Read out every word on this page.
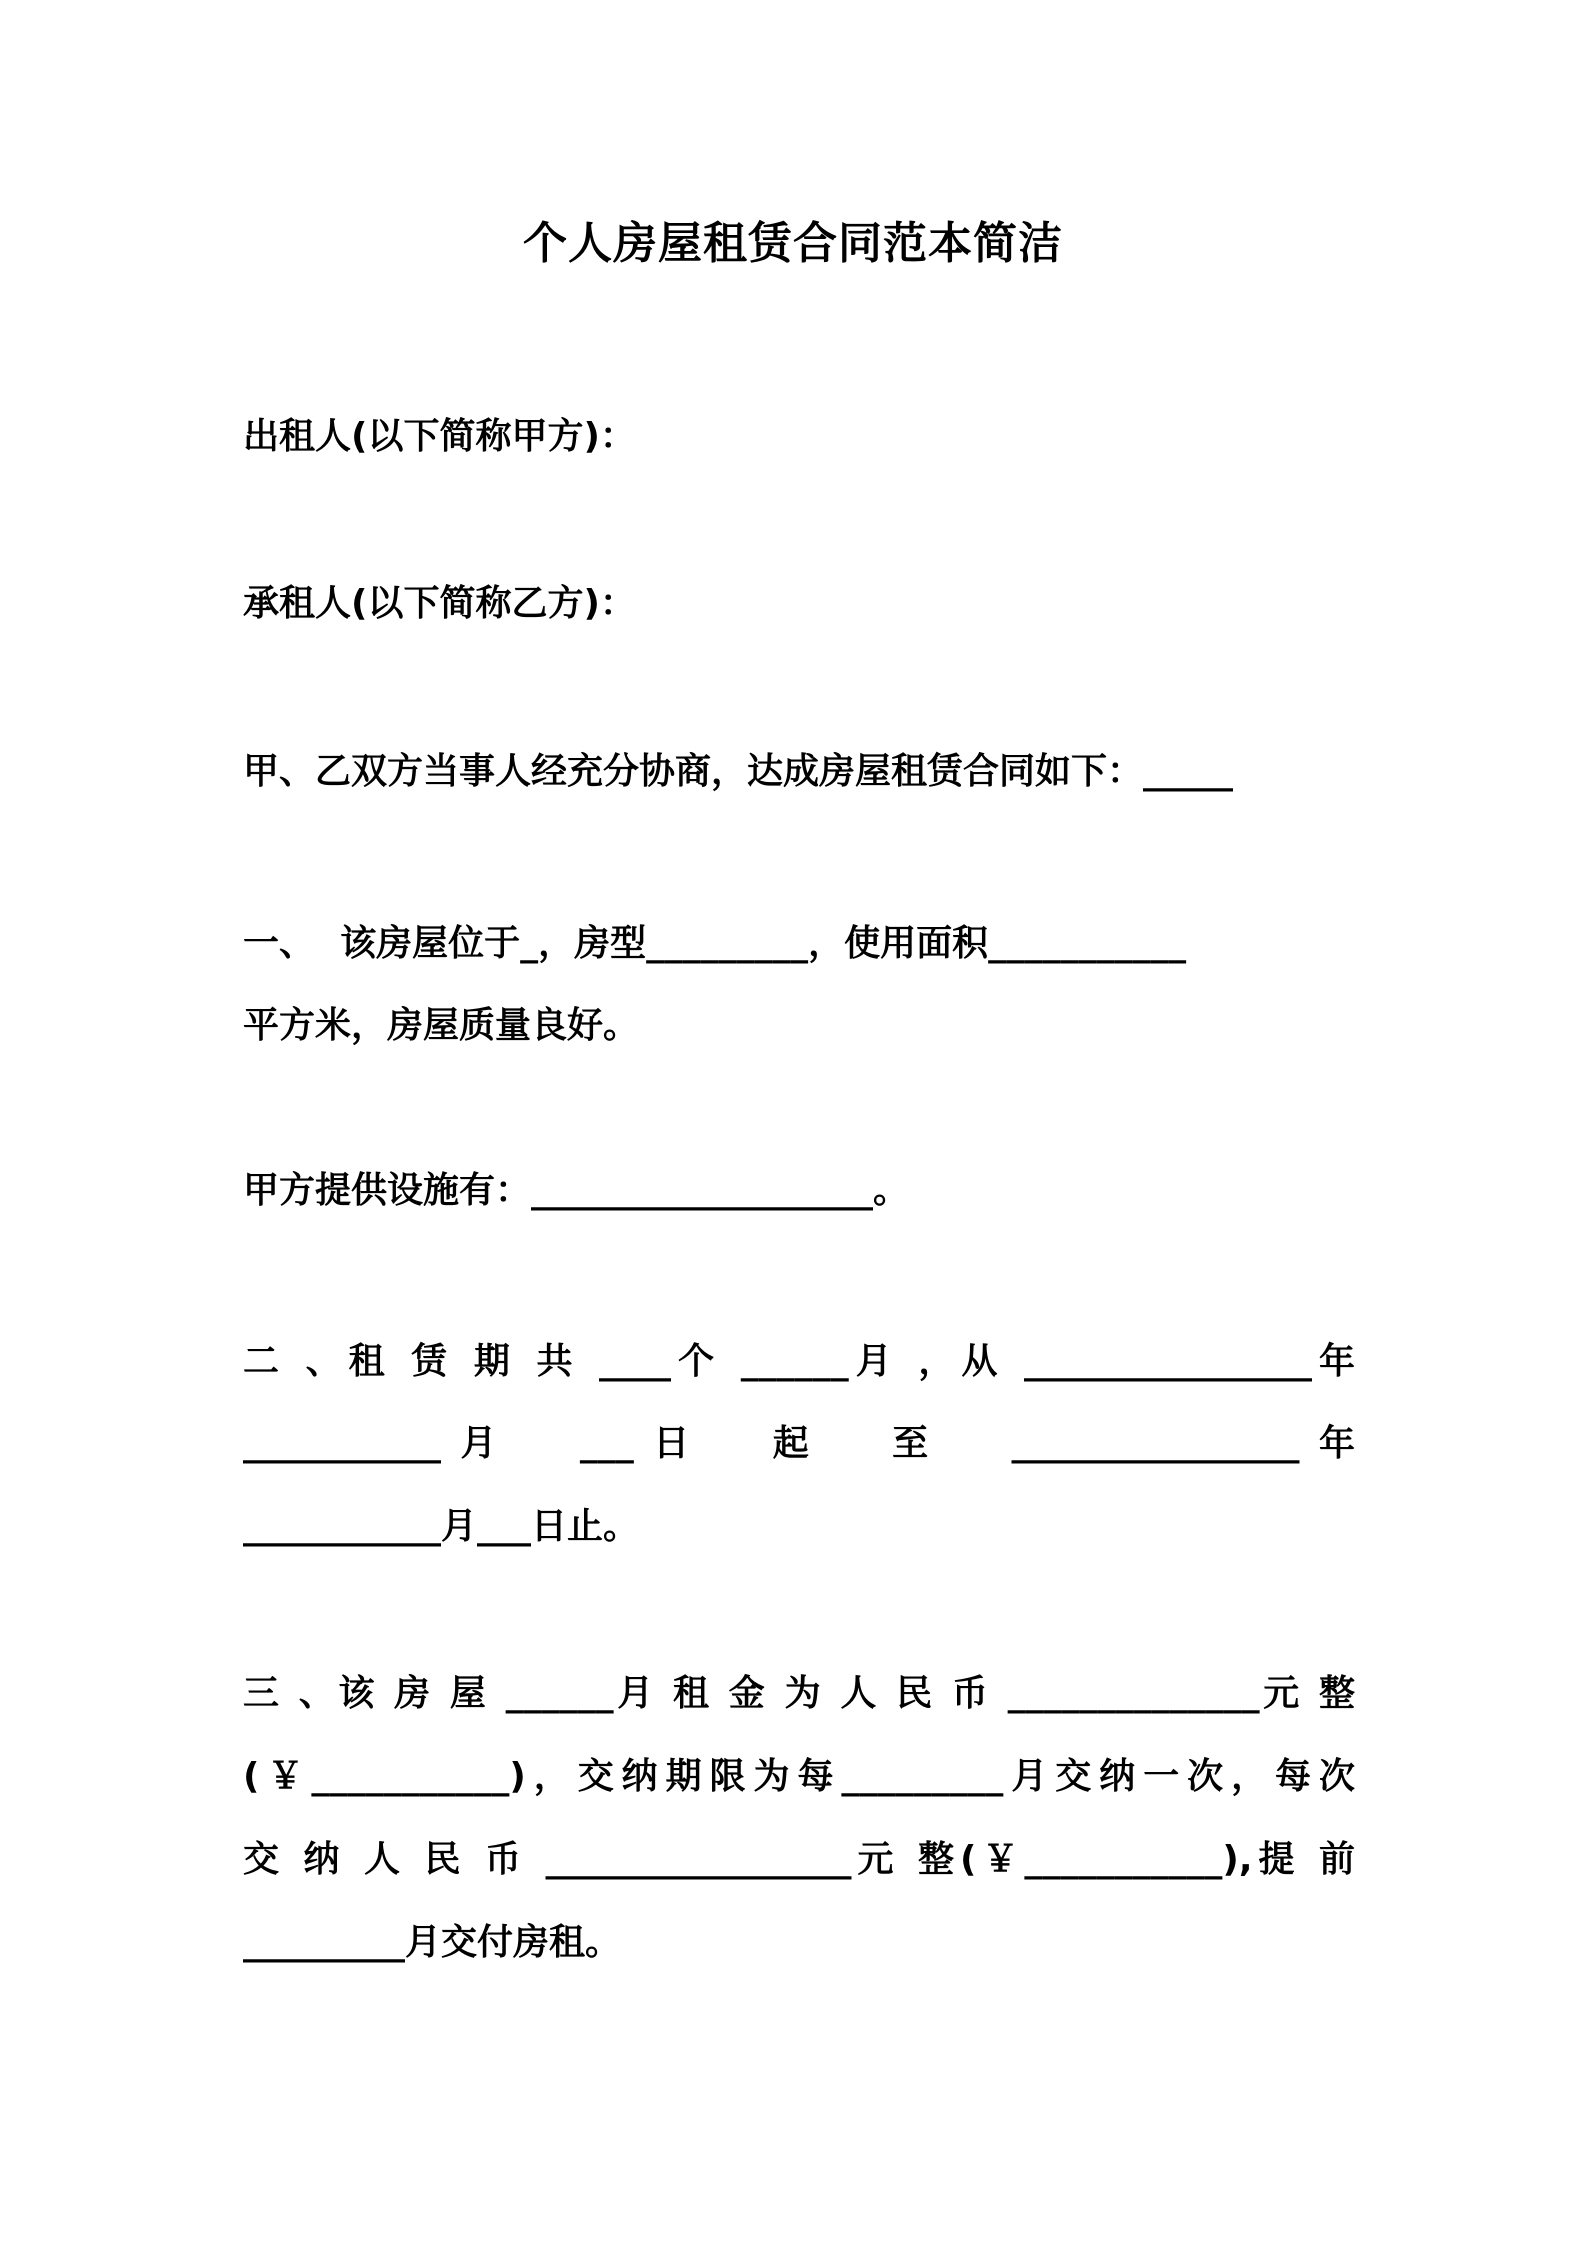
个人房屋租赁合同范本简洁
出租人(以下简称甲方)：
承租人(以下简称乙方)：
甲、乙双方当事人经充分协商，达成房屋租赁合同如下：_____
一、  该房屋位于_，房型_________，使用面积___________
平方米，房屋质量良好。
甲方提供设施有：___________________。
二 、租 赁 期 共 ____个 ______月 ，从 ________________年
___________月  ___日  起  至  ________________年
___________月___日止。
三 、该 房 屋 ______月 租 金 为 人 民 币 ______________元 整
(￥___________)，交纳期限为每_________月交纳一次，每次
交 纳 人 民 币 _________________元 整(￥___________),提 前
_________月交付房租。
